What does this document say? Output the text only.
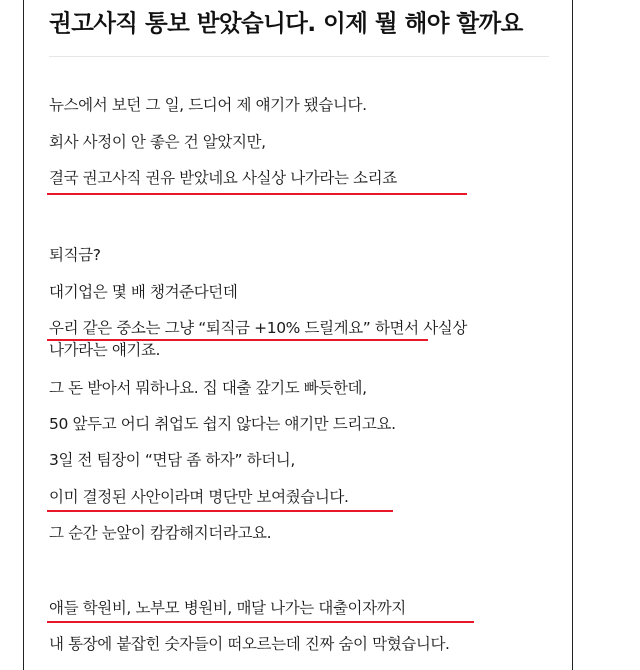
권고사직 통보 받았습니다. 이제 뭘 해야 할까요

뉴스에서 보던 그 일, 드디어 제 얘기가 됐습니다.

회사 사정이 안 좋은 건 알았지만,

결국 권고사직 권유 받았네요 사실상 나가라는 소리죠

퇴직금?

대기업은 몇 배 챙겨준다던데

우리 같은 중소는 그냥 “퇴직금 +10% 드릴게요” 하면서 사실상

나가라는 얘기죠.

그 돈 받아서 뭐하나요. 집 대출 갚기도 빠듯한데,

50 앞두고 어디 취업도 쉽지 않다는 얘기만 드리고요.

3일 전 팀장이 “면담 좀 하자” 하더니,

이미 결정된 사안이라며 명단만 보여줬습니다.

그 순간 눈앞이 캄캄해지더라고요.

애들 학원비, 노부모 병원비, 매달 나가는 대출이자까지

내 통장에 붙잡힌 숫자들이 떠오르는데 진짜 숨이 막혔습니다.
